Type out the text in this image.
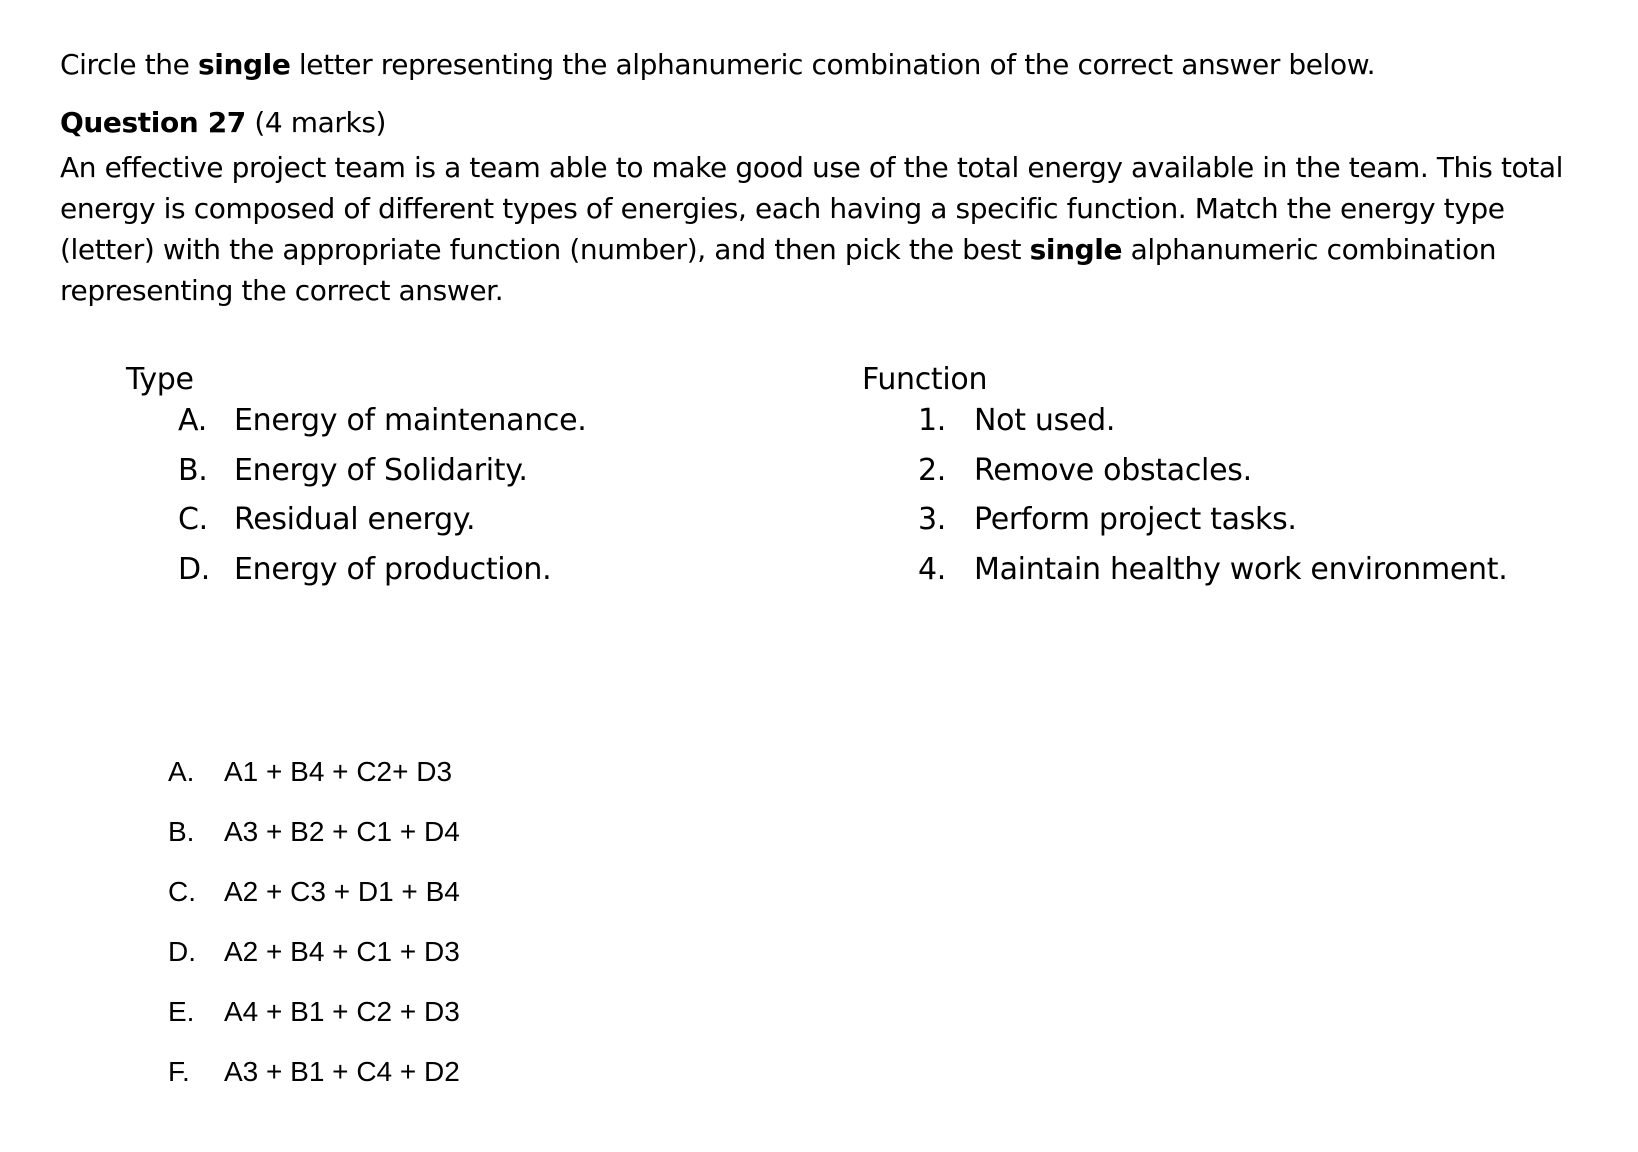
Circle the single letter representing the alphanumeric combination of the correct answer below.
Question 27 (4 marks)
An effective project team is a team able to make good use of the total energy available in the team. This total
energy is composed of different types of energies, each having a specific function. Match the energy type
(letter) with the appropriate function (number), and then pick the best single alphanumeric combination
representing the correct answer.
Type
A. Energy of maintenance.
B. Energy of Solidarity.
C. Residual energy.
D. Energy of production.
Function
1. Not used.
2. Remove obstacles.
3. Perform project tasks.
4. Maintain healthy work environment.
A. A1 + B4 + C2+ D3
B. A3 + B2 + C1 + D4
C. A2 + C3 + D1 + B4
D. A2 + B4 + C1 + D3
E. A4 + B1 + C2 + D3
F. A3 + B1 + C4 + D2
